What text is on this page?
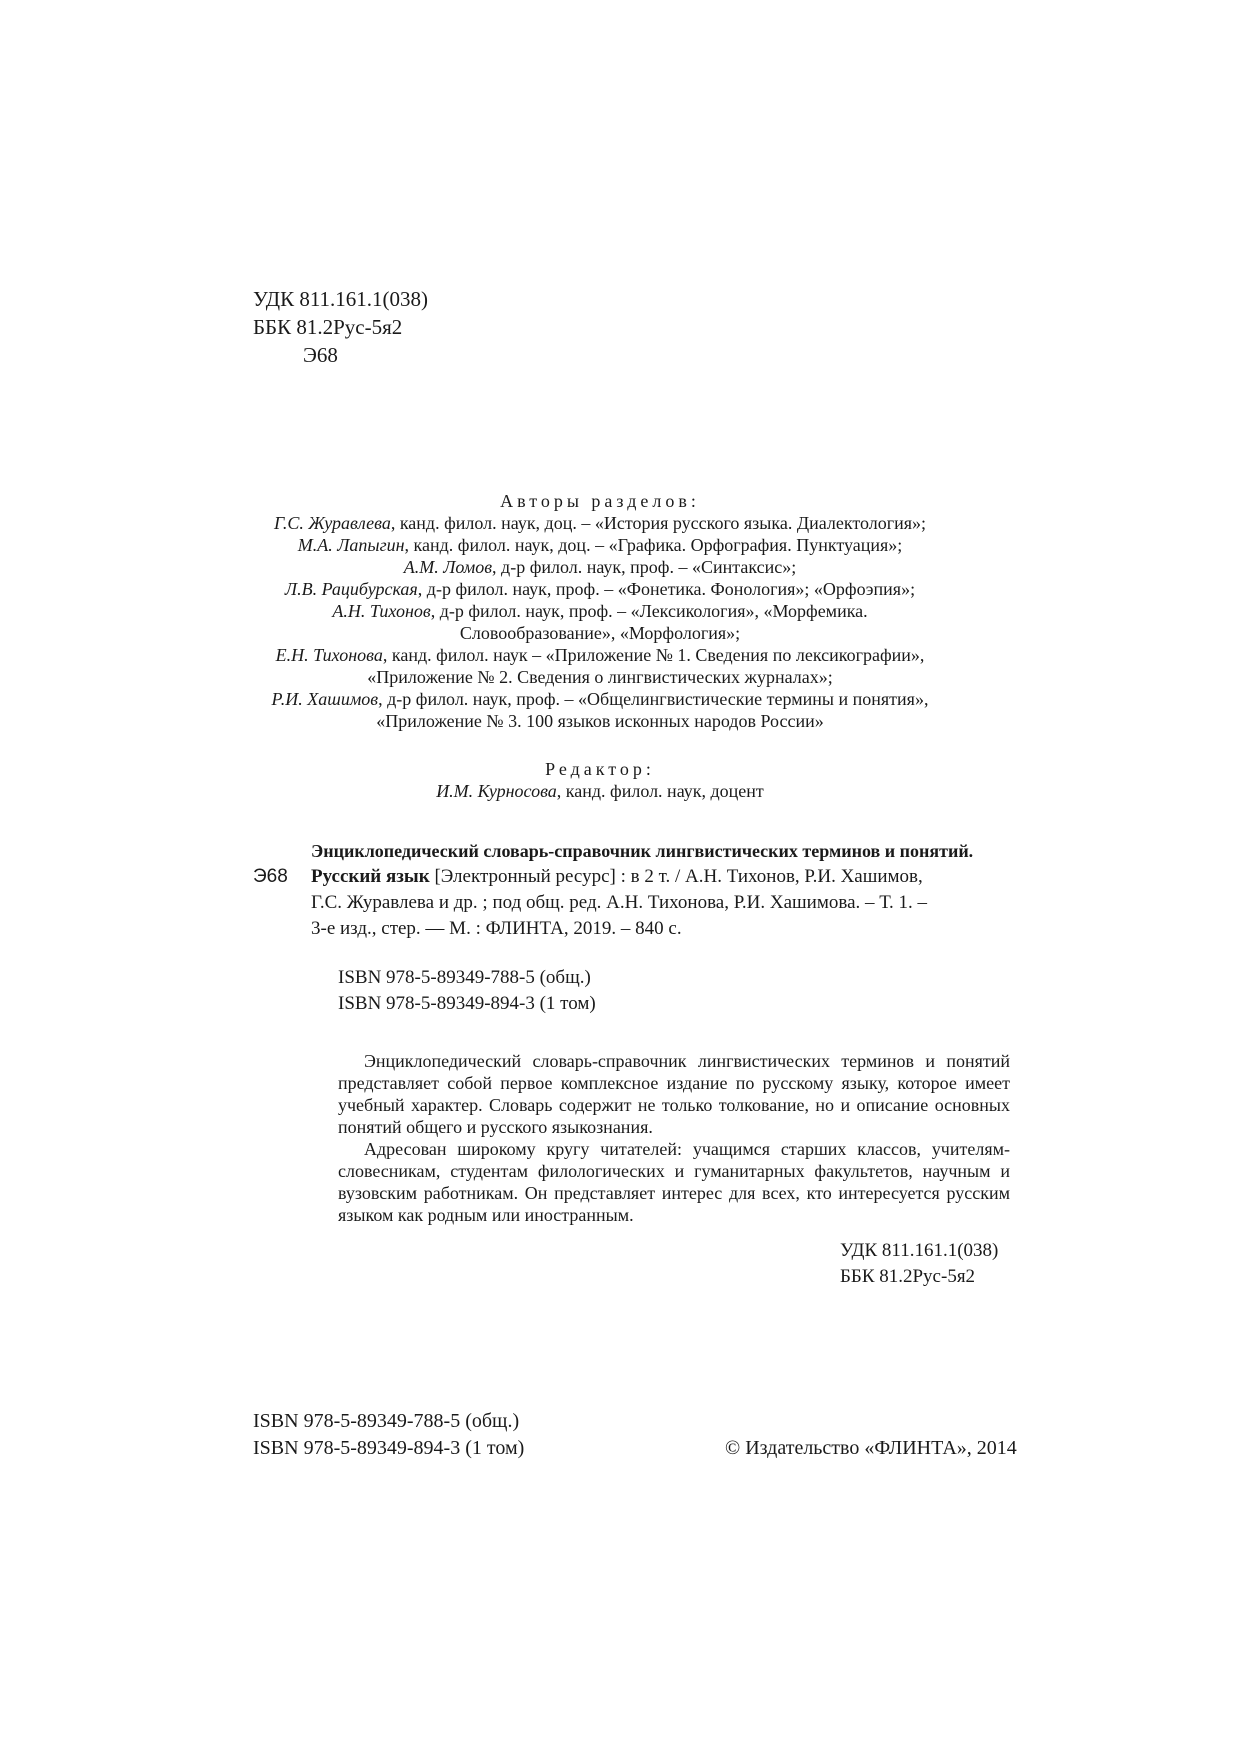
УДК 811.161.1(038)
ББК 81.2Рус-5я2
Э68
Авторы разделов:
Г.С. Журавлева, канд. филол. наук, доц. – «История русского языка. Диалектология»;
М.А. Лапыгин, канд. филол. наук, доц. – «Графика. Орфография. Пунктуация»;
А.М. Ломов, д-р филол. наук, проф. – «Синтаксис»;
Л.В. Рацибурская, д-р филол. наук, проф. – «Фонетика. Фонология»; «Орфоэпия»;
А.Н. Тихонов, д-р филол. наук, проф. – «Лексикология», «Морфемика.
Словообразование», «Морфология»;
Е.Н. Тихонова, канд. филол. наук – «Приложение № 1. Сведения по лексикографии»,
«Приложение № 2. Сведения о лингвистических журналах»;
Р.И. Хашимов, д-р филол. наук, проф. – «Общелингвистические термины и понятия»,
«Приложение № 3. 100 языков исконных народов России»
Редактор:
И.М. Курносова, канд. филол. наук, доцент
Энциклопедический словарь-справочник лингвистических терминов и понятий.
Э68	Русский язык [Электронный ресурс] : в 2 т. / А.Н. Тихонов, Р.И. Хашимов,
Г.С. Журавлева и др. ; под общ. ред. А.Н. Тихонова, Р.И. Хашимова. – Т. 1. –
3-е изд., стер. — М. : ФЛИНТА, 2019. – 840 с.
ISBN 978-5-89349-788-5 (общ.)
ISBN 978-5-89349-894-3 (1 том)

Энциклопедический словарь-справочник лингвистических терминов и понятий представляет собой первое комплексное издание по русскому языку, которое имеет учебный характер. Словарь содержит не только толкование, но и описание основных понятий общего и русского языкознания.

Адресован широкому кругу читателей: учащимся старших классов, учителям-словесникам, студентам филологических и гуманитарных факультетов, научным и вузовским работникам. Он представляет интерес для всех, кто интересуется русским языком как родным или иностранным.

УДК 811.161.1(038)
ББК 81.2Рус-5я2
ISBN 978-5-89349-788-5 (общ.)
ISBN 978-5-89349-894-3 (1 том)	© Издательство «ФЛИНТА», 2014
